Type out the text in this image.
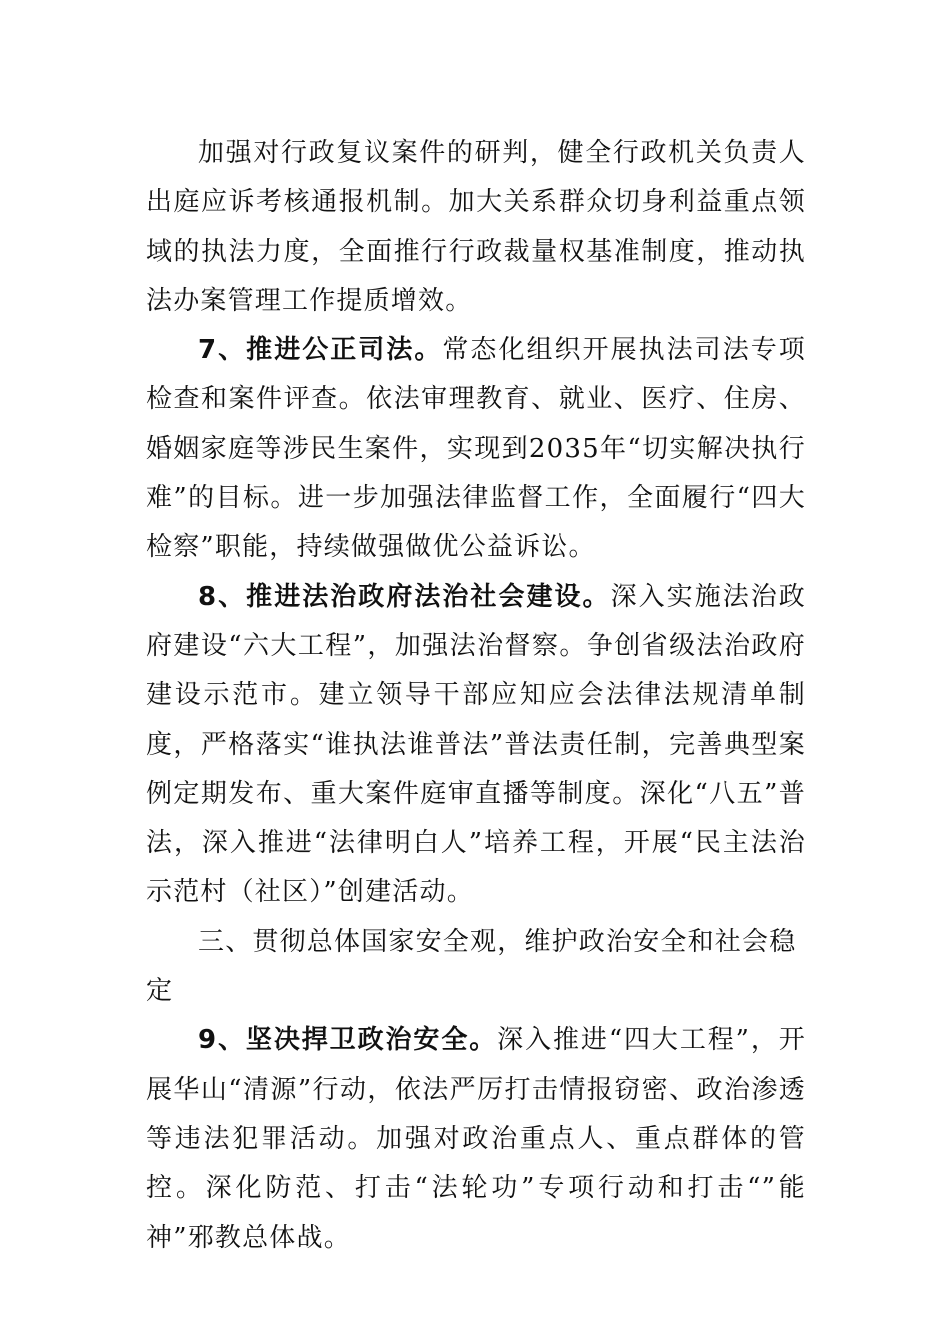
加强对行政复议案件的研判，健全行政机关负责人出庭应诉考核通报机制。加大关系群众切身利益重点领域的执法力度，全面推行行政裁量权基准制度，推动执法办案管理工作提质增效。

7、推进公正司法。常态化组织开展执法司法专项检查和案件评查。依法审理教育、就业、医疗、住房、婚姻家庭等涉民生案件，实现到2035年“切实解决执行难”的目标。进一步加强法律监督工作，全面履行“四大检察”职能，持续做强做优公益诉讼。

8、推进法治政府法治社会建设。深入实施法治政府建设“六大工程”，加强法治督察。争创省级法治政府建设示范市。建立领导干部应知应会法律法规清单制度，严格落实“谁执法谁普法”普法责任制，完善典型案例定期发布、重大案件庭审直播等制度。深化“八五”普法，深入推进“法律明白人”培养工程，开展“民主法治示范村（社区）”创建活动。

三、贯彻总体国家安全观，维护政治安全和社会稳定

9、坚决捍卫政治安全。深入推进“四大工程”，开展华山“清源”行动，依法严厉打击情报窃密、政治渗透等违法犯罪活动。加强对政治重点人、重点群体的管控。深化防范、打击“法轮功”专项行动和打击“”能神”邪教总体战。
